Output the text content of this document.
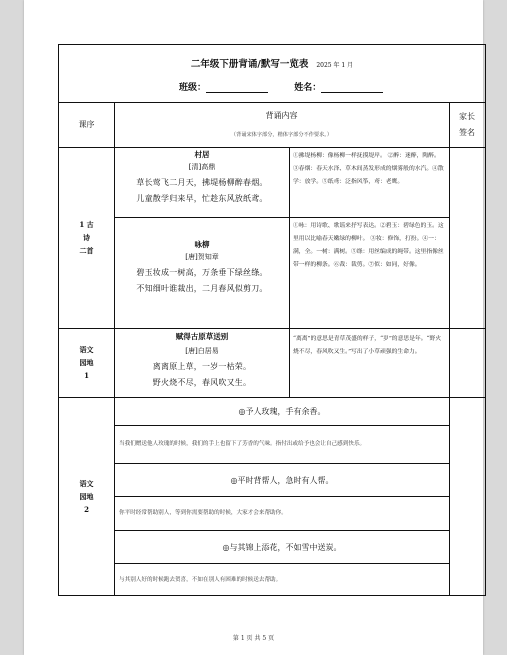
二年级下册背诵/默写一览表 2025 年 1 月
班级：	姓名：
课序
背诵内容
（背诵宋体字部分，楷体字部分不作要求。）
家长
签名
1 古
诗
二首
村居
[清]高鼎
草长莺飞二月天，拂堤杨柳醉春烟。
儿童散学归来早，忙趁东风放纸鸢。
①拂堤杨柳：像杨柳一样抚摸堤岸。 ②醉：迷醉，陶醉。 ③春烟：春天水泽、草木间蒸发形成的烟雾般的水汽。④散学：放学。⑤纸鸢：泛指风筝，鸢：老鹰。
咏柳
[唐]贺知章
碧玉妆成一树高，万条垂下绿丝绦。
不知细叶谁裁出，二月春风似剪刀。
①咏：用诗歌、歌谣来抒写表达。②碧玉：碧绿色的玉。这里用以比喻春天嫩绿的柳叶。 ③妆：修饰，打扮。④一：满，全。一树：满树。⑤绦：用丝编成的绳带。这里指像丝带一样的柳条。⑥裁：裁剪。⑦似：如同，好像。
语文
园地
1
赋得古原草送别
[唐]白居易
离离原上草，一岁一枯荣。
野火烧不尽，春风吹又生。
“离离”的意思是青草茂盛的样子，“岁”的意思是年。“野火烧不尽，春风吹又生。”写出了小草顽强的生命力。
语文
园地
2
◎予人玫瑰，手有余香。
当我们赠送他人玫瑰的时候，我们的手上也留下了芳香的气味。指付出或给予也会让自己感到快乐。
◎平时背帮人，急时有人帮。
你平时经常帮助别人，等到你需要帮助的时候，大家才会来帮助你。
◎与其锦上添花，不如雪中送炭。
与其别人好的时候跑去贺喜，不如在别人有困难的时候送去帮助。
第 1 页 共 5 页
